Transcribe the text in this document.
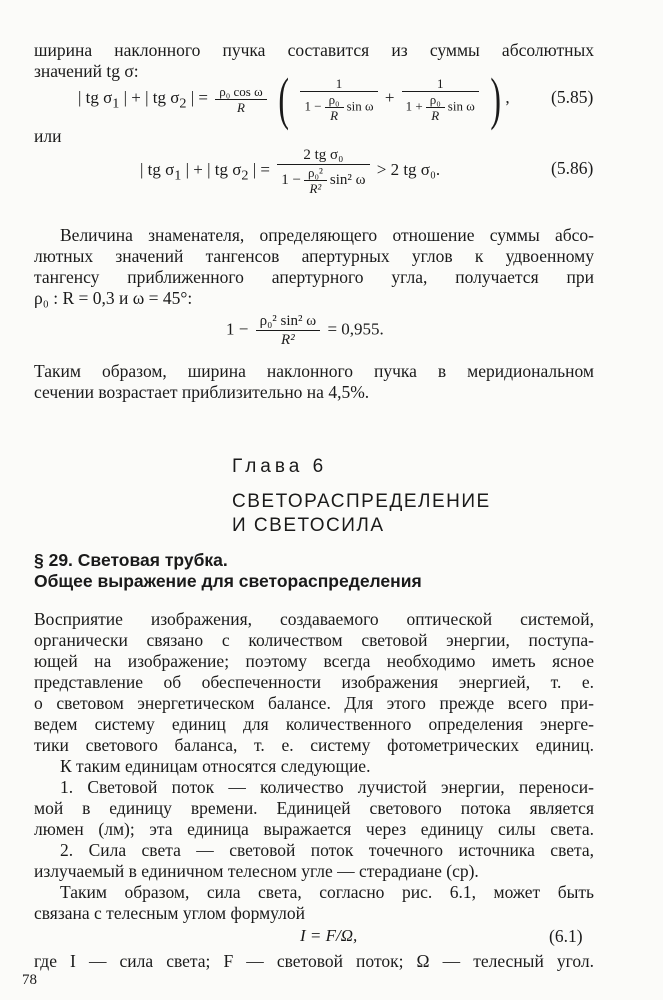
ширина наклонного пучка составится из суммы абсолютных
значений tg σ:
| tg $\sigma_1$ | + | tg $\sigma_2$ | = $\frac{\text{ρ₀ cos ω}}{R}$ ( $\frac{1}{1 - \frac{\text{ρ₀}}{R} \sin \omega} + \frac{1}{1 + \frac{\text{ρ₀}}{R} \sin \omega}$ ) , (5.85)
или
| tg $\sigma_1$ | + | tg $\sigma_2$ | = $\frac{\text{2 tg σ₀}}{1 - \frac{\text{ρ₀²}}{\text{R²}} \sin^2 \omega} > 2$ tg σ₀.	(5.86)
Величина знаменателя, определяющего отношение суммы абсо-
лютных значений тангенсов апертурных углов к удвоенному
тангенсу приближенного апертурного угла, получается при
ρ₀ : R = 0,3 и ω = 45°:
$1 - \frac{\text{ρ₀² sin² ω}}{\text{R²}} = 0,955$.
Таким образом, ширина наклонного пучка в меридиональном
сечении возрастает приблизительно на 4,5%.
Глава 6
СВЕТОРАСПРЕДЕЛЕНИЕ
И СВЕТОСИЛА
§ 29. Световая трубка.
Общее выражение для светораспределения
Восприятие изображения, создаваемого оптической системой,
органически связано с количеством световой энергии, поступа-
ющей на изображение; поэтому всегда необходимо иметь ясное
представление об обеспеченности изображения энергией, т. е.
о световом энергетическом балансе. Для этого прежде всего при-
ведем систему единиц для количественного определения энерге-
тики светового баланса, т. е. систему фотометрических единиц.
К таким единицам относятся следующие.
1. Световой поток — количество лучистой энергии, переноси-
мой в единицу времени. Единицей светового потока является
люмен (лм); эта единица выражается через единицу силы света.
2. Сила света — световой поток точечного источника света,
излучаемый в единичном телесном угле — стерадиане (ср).
Таким образом, сила света, согласно рис. 6.1, может быть
связана с телесным углом формулой
I = F/Ω,	(6.1)
где I — сила света; F — световой поток; Ω — телесный угол.
78
